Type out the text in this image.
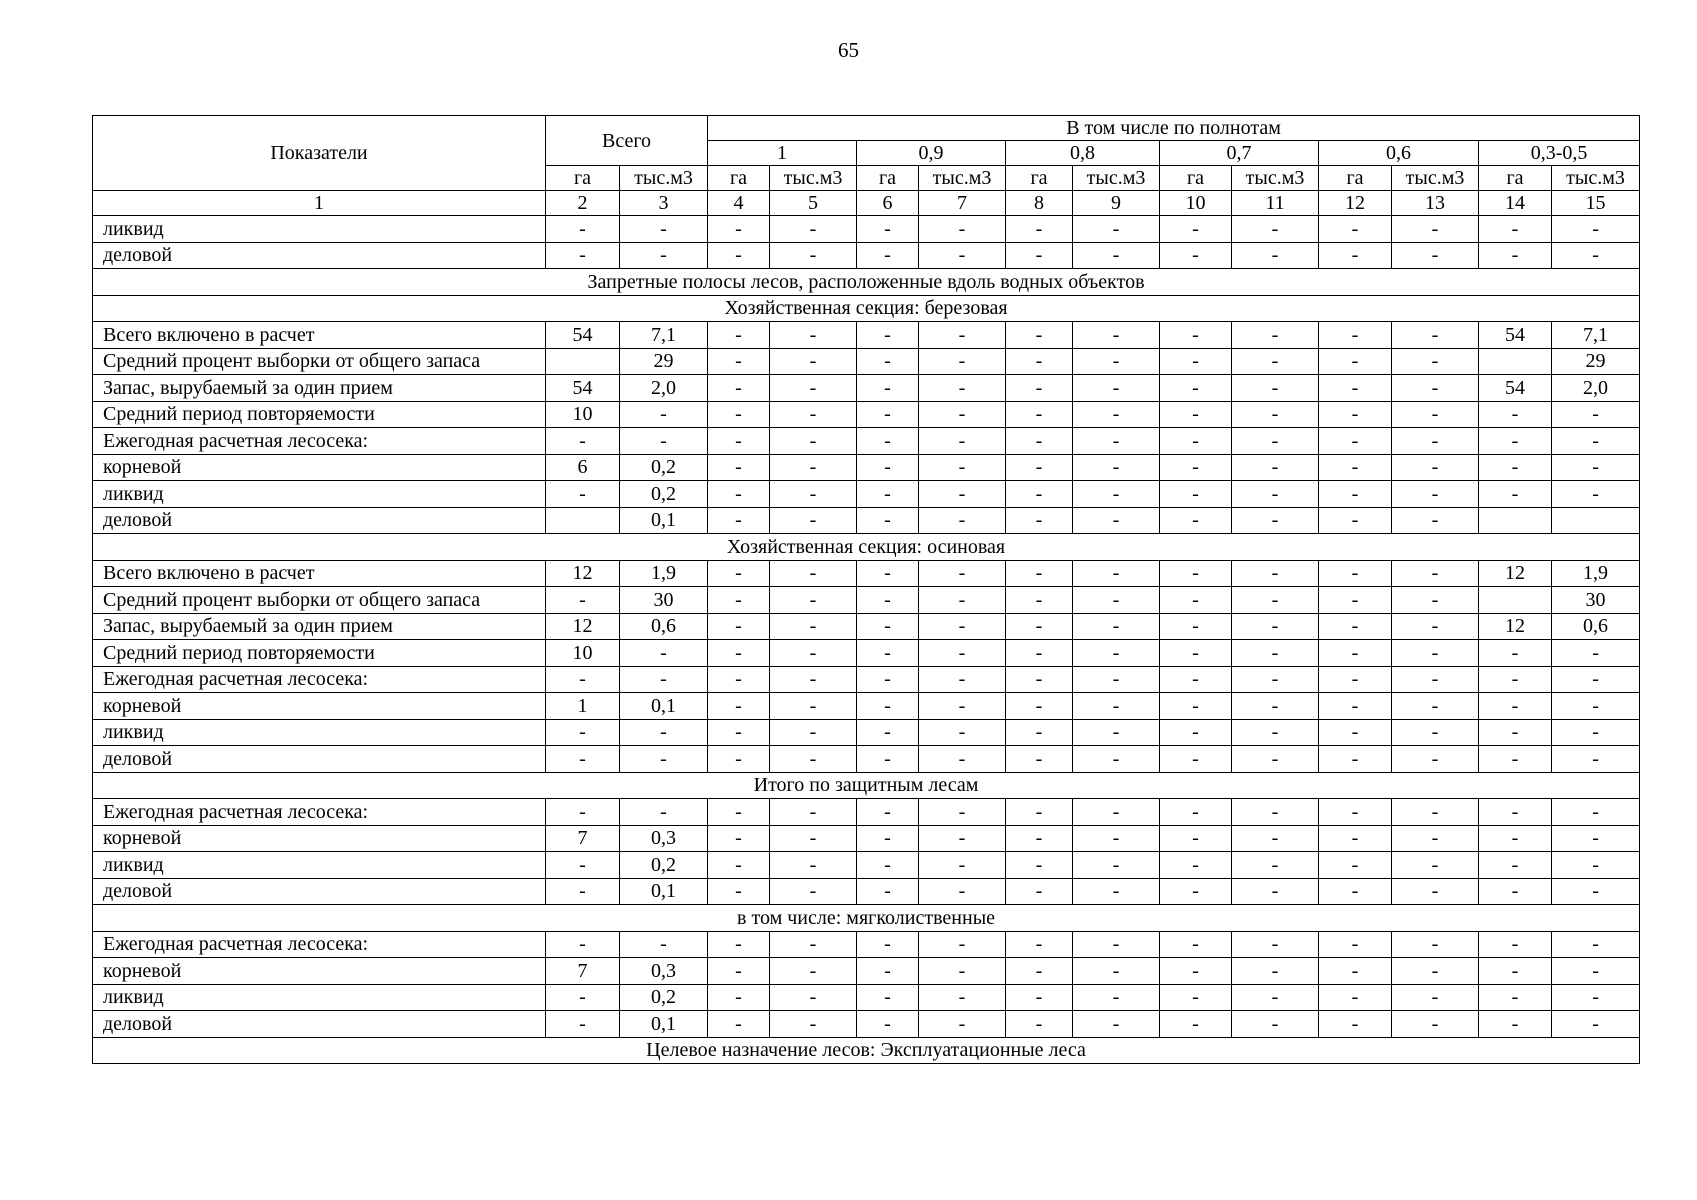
65
Показатели	Всего		В том числе по полнотам											
			1		0,9		0,8		0,7		0,6		0,3-0,5	
	га	тыс.м3	га	тыс.м3	га	тыс.м3	га	тыс.м3	га	тыс.м3	га	тыс.м3	га	тыс.м3
1	2	3	4	5	6	7	8	9	10	11	12	13	14	15
ликвид	-	-	-	-	-	-	-	-	-	-	-	-	-	-
деловой	-	-	-	-	-	-	-	-	-	-	-	-	-	-
Запретные полосы лесов, расположенные вдоль водных объектов														
Хозяйственная секция: березовая														
Всего включено в расчет	54	7,1	-	-	-	-	-	-	-	-	-	-	54	7,1
Средний процент выборки от общего запаса		29	-	-	-	-	-	-	-	-	-	-		29
Запас, вырубаемый за один прием	54	2,0	-	-	-	-	-	-	-	-	-	-	54	2,0
Средний период повторяемости	10	-	-	-	-	-	-	-	-	-	-	-	-	-
Ежегодная расчетная лесосека:	-	-	-	-	-	-	-	-	-	-	-	-	-	-
корневой	6	0,2	-	-	-	-	-	-	-	-	-	-	-	-
ликвид	-	0,2	-	-	-	-	-	-	-	-	-	-	-	-
деловой		0,1	-	-	-	-	-	-	-	-	-	-		
Хозяйственная секция: осиновая														
Всего включено в расчет	12	1,9	-	-	-	-	-	-	-	-	-	-	12	1,9
Средний процент выборки от общего запаса	-	30	-	-	-	-	-	-	-	-	-	-		30
Запас, вырубаемый за один прием	12	0,6	-	-	-	-	-	-	-	-	-	-	12	0,6
Средний период повторяемости	10	-	-	-	-	-	-	-	-	-	-	-	-	-
Ежегодная расчетная лесосека:	-	-	-	-	-	-	-	-	-	-	-	-	-	-
корневой	1	0,1	-	-	-	-	-	-	-	-	-	-	-	-
ликвид	-	-	-	-	-	-	-	-	-	-	-	-	-	-
деловой	-	-	-	-	-	-	-	-	-	-	-	-	-	-
Итого по защитным лесам														
Ежегодная расчетная лесосека:	-	-	-	-	-	-	-	-	-	-	-	-	-	-
корневой	7	0,3	-	-	-	-	-	-	-	-	-	-	-	-
ликвид	-	0,2	-	-	-	-	-	-	-	-	-	-	-	-
деловой	-	0,1	-	-	-	-	-	-	-	-	-	-	-	-
в том числе: мягколиственные														
Ежегодная расчетная лесосека:	-	-	-	-	-	-	-	-	-	-	-	-	-	-
корневой	7	0,3	-	-	-	-	-	-	-	-	-	-	-	-
ликвид	-	0,2	-	-	-	-	-	-	-	-	-	-	-	-
деловой	-	0,1	-	-	-	-	-	-	-	-	-	-	-	-
Целевое назначение лесов: Эксплуатационные леса														
